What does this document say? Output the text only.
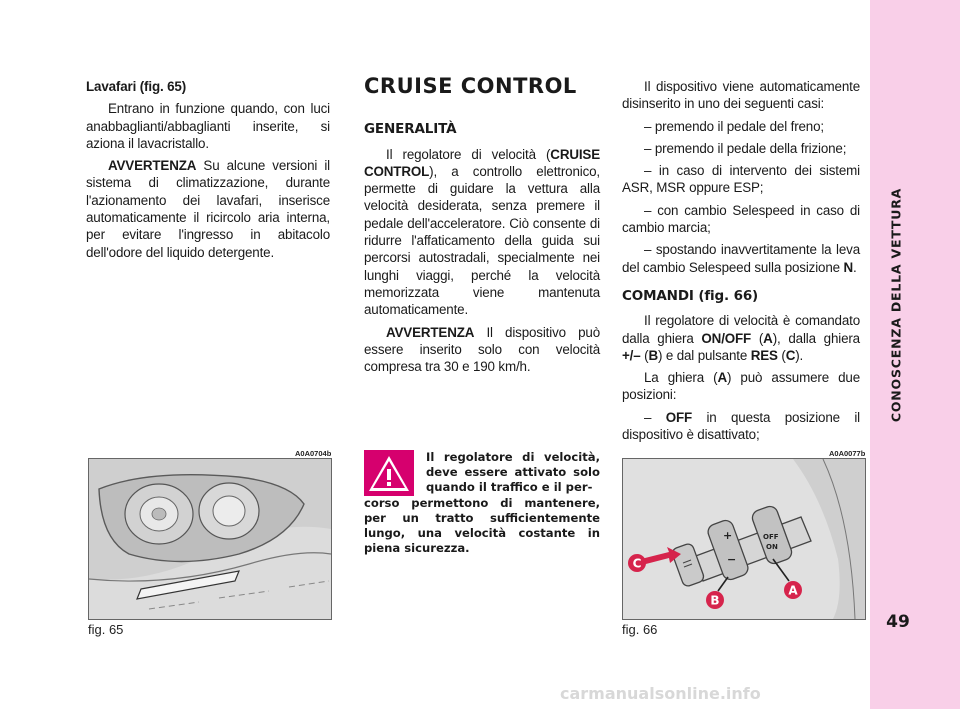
CONOSCENZA DELLA VETTURA
49

Lavafari (fig. 65)

Entrano in funzione quando, con luci anabbaglianti/abbaglianti inserite, si aziona il lavacristallo.

AVVERTENZA Su alcune versioni il sistema di climatizzazione, durante l'azionamento dei lavafari, inserisce automaticamente il ricircolo aria interna, per evitare l'ingresso in abitacolo dell'odore del liquido detergente.

CRUISE CONTROL
GENERALITÀ

Il regolatore di velocità (CRUISE CONTROL), a controllo elettronico, permette di guidare la vettura alla velocità desiderata, senza premere il pedale dell'acceleratore. Ciò consente di ridurre l'affaticamento della guida sui percorsi autostradali, specialmente nei lunghi viaggi, perché la velocità memorizzata viene mantenuta automaticamente.

AVVERTENZA Il dispositivo può essere inserito solo con velocità compresa tra 30 e 190 km/h.

Il regolatore di velocità, deve essere attivato solo quando il traffico e il per-
corso permettono di mantenere, per un tratto sufficientemente lungo, una velocità costante in piena sicurezza.

Il dispositivo viene automaticamente disinserito in uno dei seguenti casi:

– premendo il pedale del freno;

– premendo il pedale della frizione;

– in caso di intervento dei sistemi ASR, MSR oppure ESP;

– con cambio Selespeed in caso di cambio marcia;

– spostando inavvertitamente la leva del cambio Selespeed sulla posizione N.

COMANDI (fig. 66)

Il regolatore di velocità è comandato dalla ghiera ON/OFF (A), dalla ghiera +/– (B) e dal pulsante RES (C).

La ghiera (A) può assumere due posizioni:

– OFF in questa posizione il dispositivo è disattivato;

A0A0704b
fig. 65
A0A0077b
+
−
OFF
ON
C
B
A
fig. 66
carmanualsonline.info
